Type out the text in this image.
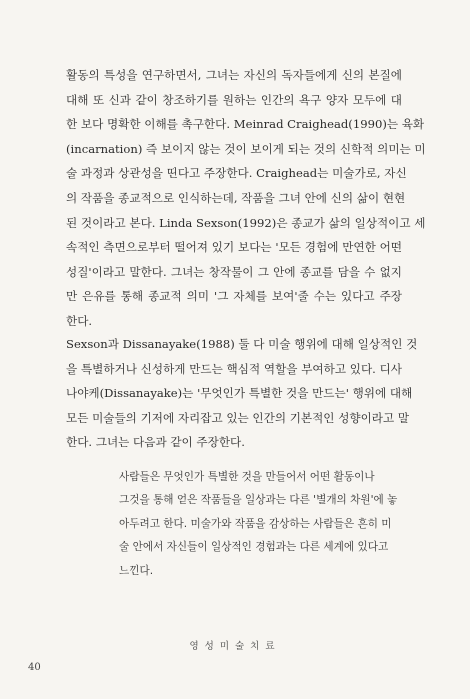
활동의 특성을 연구하면서, 그녀는 자신의 독자들에게 신의 본질에
대해 또 신과 같이 창조하기를 원하는 인간의 욕구 양자 모두에 대
한 보다 명확한 이해를 촉구한다. Meinrad Craighead(1990)는 육화
(incarnation) 즉 보이지 않는 것이 보이게 되는 것의 신학적 의미는 미
술 과정과 상관성을 띤다고 주장한다. Craighead는 미술가로, 자신
의 작품을 종교적으로 인식하는데, 작품을 그녀 안에 신의 삶이 현현
된 것이라고 본다. Linda Sexson(1992)은 종교가 삶의 일상적이고 세
속적인 측면으로부터 떨어져 있기 보다는 '모든 경험에 만연한 어떤
성질'이라고 말한다. 그녀는 창작물이 그 안에 종교를 담을 수 없지
만 은유를 통해 종교적 의미 '그 자체를 보여'줄 수는 있다고 주장
한다.
Sexson과 Dissanayake(1988) 둘 다 미술 행위에 대해 일상적인 것
을 특별하거나 신성하게 만드는 핵심적 역할을 부여하고 있다. 디사
나야케(Dissanayake)는 '무엇인가 특별한 것을 만드는' 행위에 대해
모든 미술들의 기저에 자리잡고 있는 인간의 기본적인 성향이라고 말
한다. 그녀는 다음과 같이 주장한다.
사람들은 무엇인가 특별한 것을 만들어서 어떤 활동이나
그것을 통해 얻은 작품들을 일상과는 다른 '별개의 차원'에 놓
아두려고 한다. 미술가와 작품을 감상하는 사람들은 흔히 미
술 안에서 자신들이 일상적인 경험과는 다른 세계에 있다고
느낀다.
영성미술치료
40
